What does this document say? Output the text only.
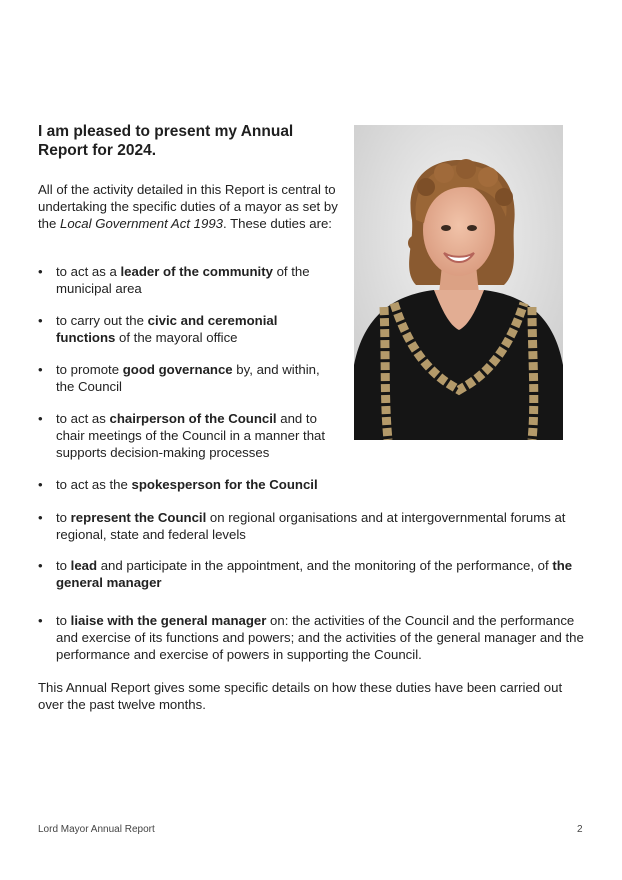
I am pleased to present my Annual Report for 2024.

All of the activity detailed in this Report is central to undertaking the specific duties of a mayor as set by the Local Government Act 1993. These duties are:

• to act as a leader of the community of the municipal area
• to carry out the civic and ceremonial functions of the mayoral office
• to promote good governance by, and within, the Council
• to act as chairperson of the Council and to chair meetings of the Council in a manner that supports decision-making processes
• to act as the spokesperson for the Council
• to represent the Council on regional organisations and at intergovernmental forums at regional, state and federal levels
• to lead and participate in the appointment, and the monitoring of the performance, of the general manager
• to liaise with the general manager on: the activities of the Council and the performance and exercise of its functions and powers; and the activities of the general manager and the performance and exercise of powers in supporting the Council.

This Annual Report gives some specific details on how these duties have been carried out over the past twelve months.

Lord Mayor Annual Report	2
